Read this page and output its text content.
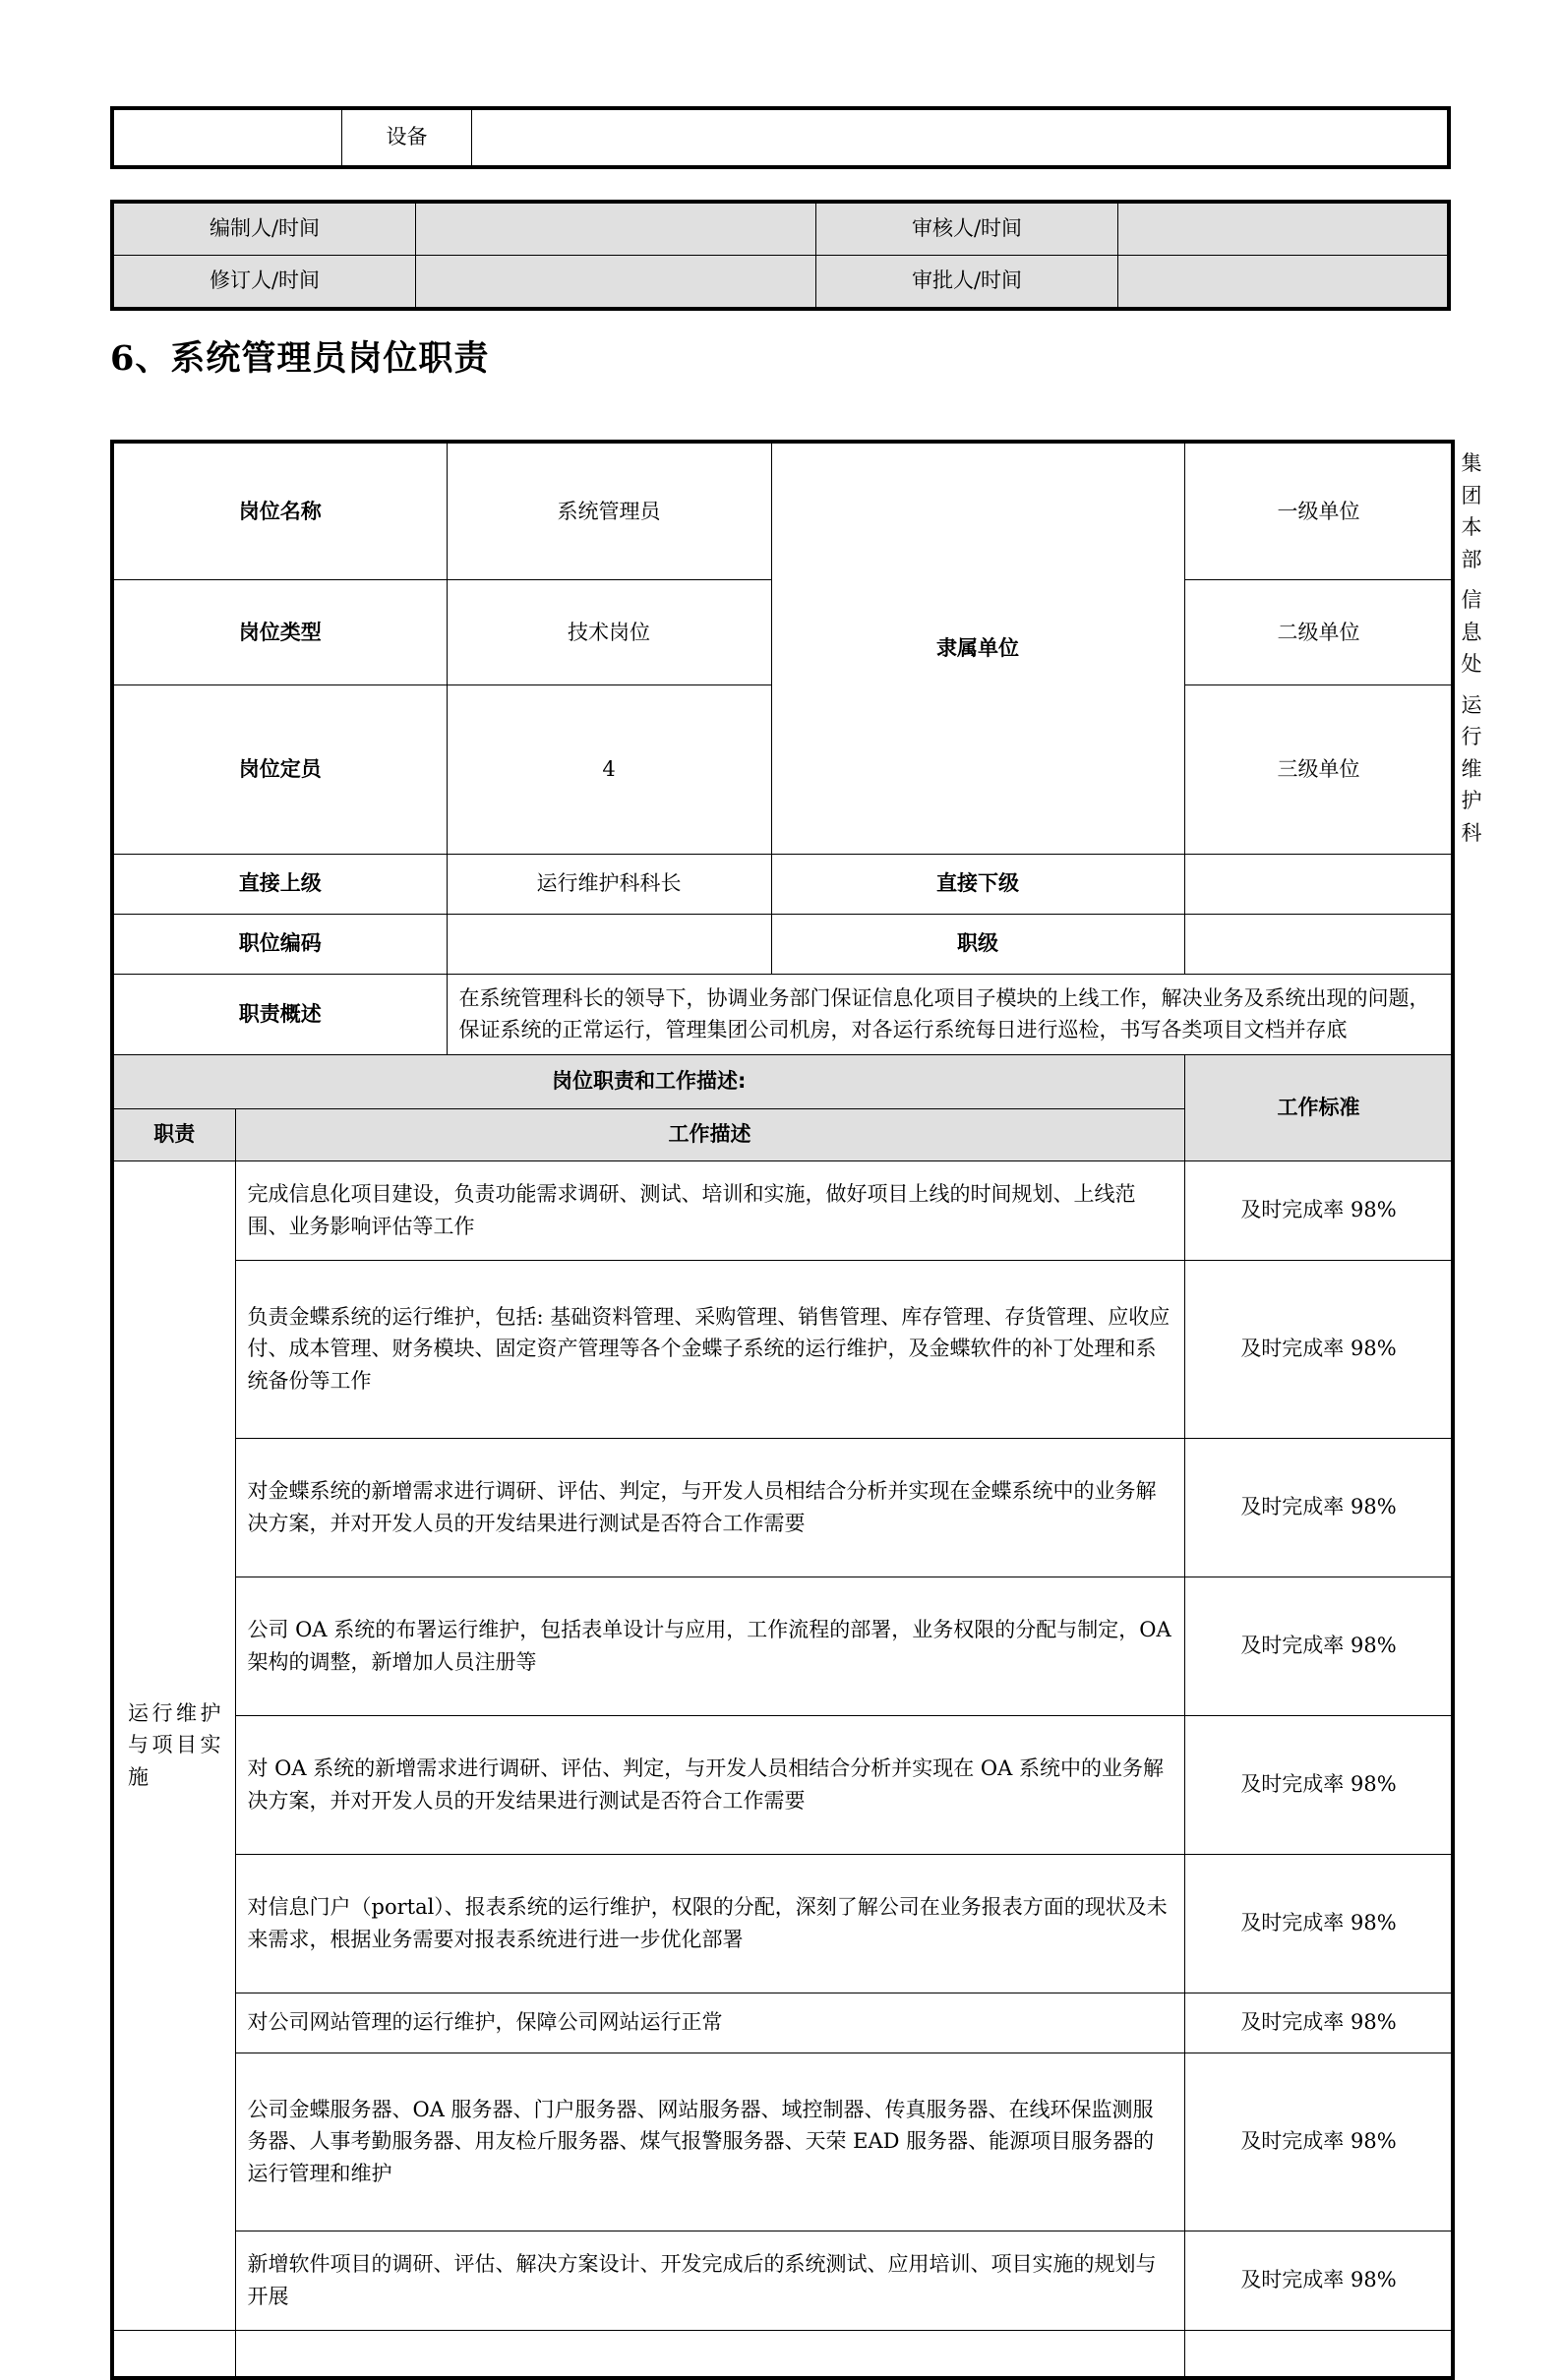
	设备	
编制人/时间		审核人/时间	
修订人/时间		审批人/时间	
6、系统管理员岗位职责
岗位名称		系统管理员	隶属单位	一级单位	集团本部
岗位类型		技术岗位		二级单位	信息处
岗位定员		4		三级单位	运行维护科
直接上级		运行维护科科长	直接下级		
职位编码			职级		
职责概述		在系统管理科长的领导下，协调业务部门保证信息化项目子模块的上线工作，解决业务及系统出现的问题，保证系统的正常运行，管理集团公司机房，对各运行系统每日进行巡检，书写各类项目文档并存底			
岗位职责和工作描述:				工作标准	
职责	工作描述				
运行维护与项目实施	完成信息化项目建设，负责功能需求调研、测试、培训和实施，做好项目上线的时间规划、上线范围、业务影响评估等工作			及时完成率 98%	
	负责金蝶系统的运行维护，包括: 基础资料管理、采购管理、销售管理、库存管理、存货管理、应收应付、成本管理、财务模块、固定资产管理等各个金蝶子系统的运行维护，及金蝶软件的补丁处理和系统备份等工作			及时完成率 98%	
	对金蝶系统的新增需求进行调研、评估、判定，与开发人员相结合分析并实现在金蝶系统中的业务解决方案，并对开发人员的开发结果进行测试是否符合工作需要			及时完成率 98%	
	公司 OA 系统的布署运行维护，包括表单设计与应用，工作流程的部署，业务权限的分配与制定，OA 架构的调整，新增加人员注册等			及时完成率 98%	
	对 OA 系统的新增需求进行调研、评估、判定，与开发人员相结合分析并实现在 OA 系统中的业务解决方案，并对开发人员的开发结果进行测试是否符合工作需要			及时完成率 98%	
	对信息门户（portal）、报表系统的运行维护，权限的分配，深刻了解公司在业务报表方面的现状及未来需求，根据业务需要对报表系统进行进一步优化部署			及时完成率 98%	
	对公司网站管理的运行维护，保障公司网站运行正常			及时完成率 98%	
	公司金蝶服务器、OA 服务器、门户服务器、网站服务器、域控制器、传真服务器、在线环保监测服务器、人事考勤服务器、用友检斤服务器、煤气报警服务器、天荣 EAD 服务器、能源项目服务器的运行管理和维护			及时完成率 98%	
	新增软件项目的调研、评估、解决方案设计、开发完成后的系统测试、应用培训、项目实施的规划与开展			及时完成率 98%	
